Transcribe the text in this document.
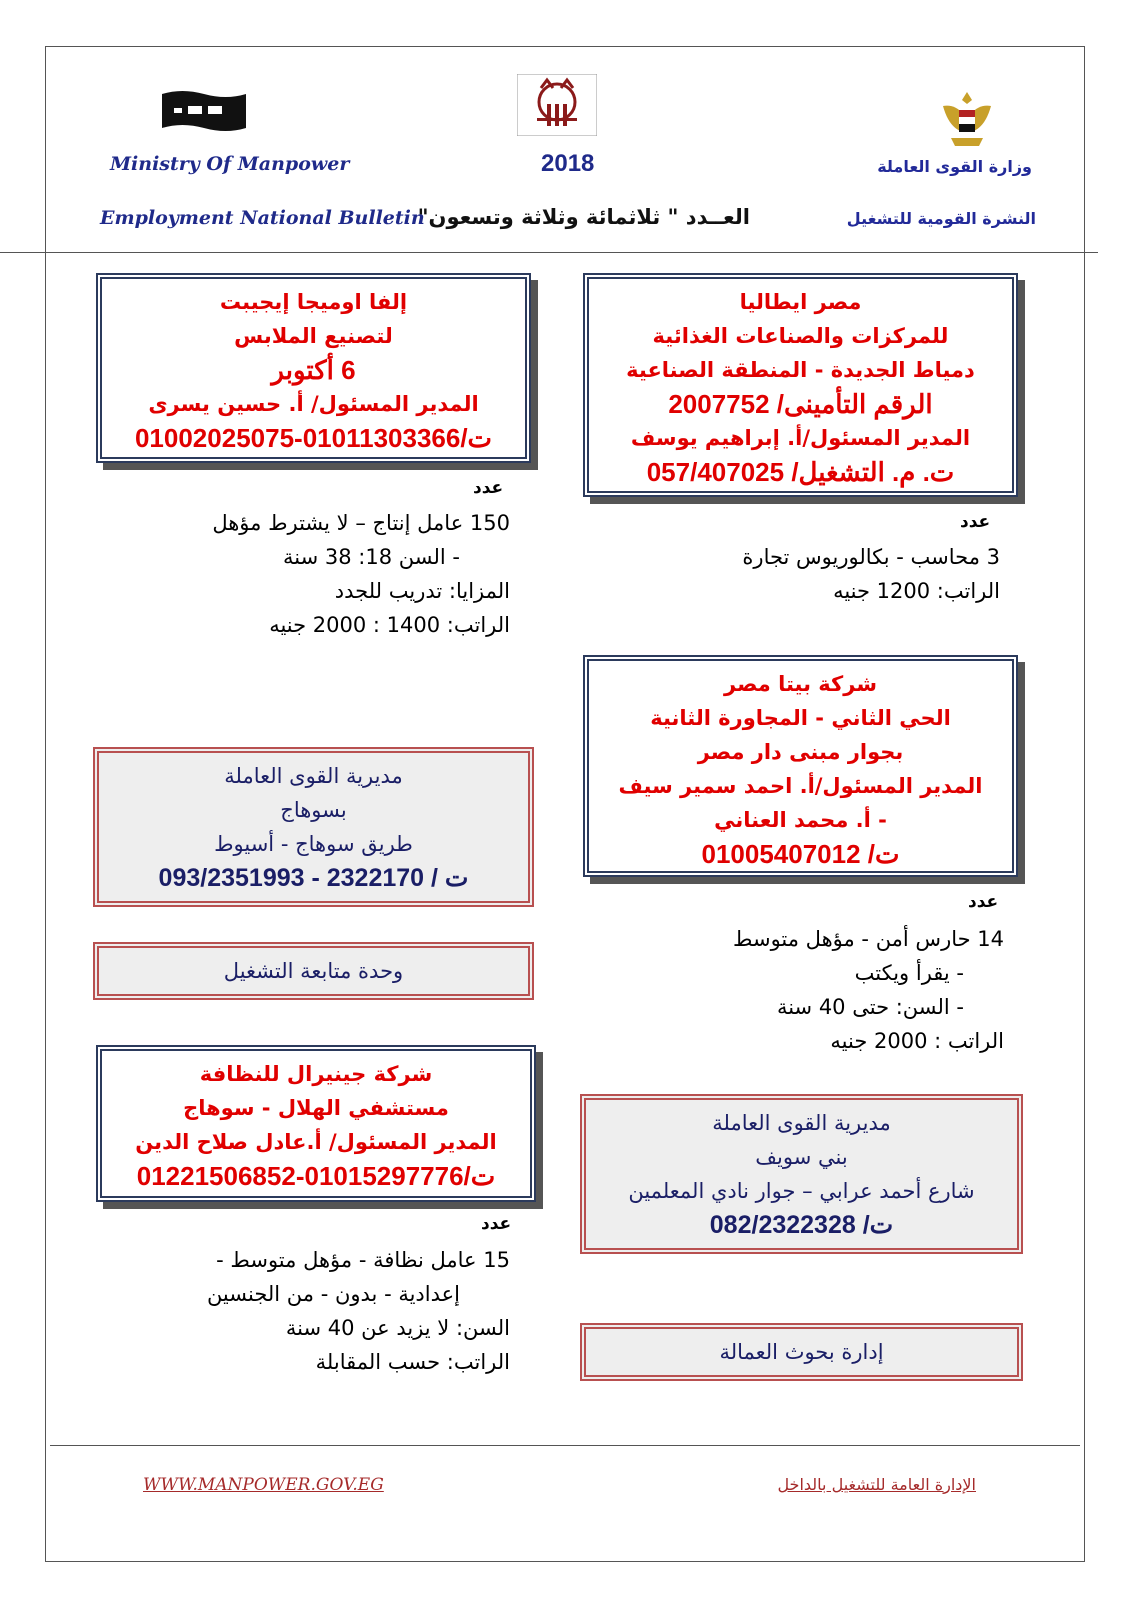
Ministry Of Manpower
Employment National Bulletin
2018
العــدد " ثلاثمائة وثلاثة وتسعون"
وزارة القوى العاملة
النشرة القومية للتشغيل
مصر ايطاليا
للمركزات والصناعات الغذائية
دمياط الجديدة - المنطقة الصناعية
الرقم التأمينى/ 2007752
المدير المسئول/أ. إبراهيم يوسف
ت. م. التشغيل/ 057/407025
عدد
3 محاسب - بكالوريوس تجارة
الراتب: 1200 جنيه
إلفا اوميجا إيجيبت
لتصنيع الملابس
6 أكتوبر
المدير المسئول/ أ. حسين يسرى
ت/01011303366-01002025075
عدد
150 عامل إنتاج – لا يشترط مؤهل
- السن 18: 38 سنة
المزايا: تدريب للجدد
الراتب: 1400 : 2000 جنيه
شركة بيتا مصر
الحي الثاني - المجاورة الثانية
بجوار مبنى دار مصر
المدير المسئول/أ. احمد سمير سيف
- أ. محمد العناني
ت/ 01005407012
عدد
14 حارس أمن - مؤهل متوسط
- يقرأ ويكتب
- السن: حتى 40 سنة
الراتب : 2000 جنيه
مديرية القوى العاملة
بسوهاج
طريق سوهاج - أسيوط
ت / 2322170 - 093/2351993
وحدة متابعة التشغيل
شركة جينيرال للنظافة
مستشفي الهلال - سوهاج
المدير المسئول/ أ.عادل صلاح الدين
ت/01015297776-01221506852
عدد
15 عامل نظافة - مؤهل متوسط -
إعدادية - بدون - من الجنسين
السن: لا يزيد عن 40 سنة
الراتب: حسب المقابلة
مديرية القوى العاملة
بني سويف
شارع أحمد عرابي – جوار نادي المعلمين
ت/ 082/2322328
إدارة بحوث العمالة
WWW.MANPOWER.GOV.EG	الإدارة العامة للتشغيل بالداخل
